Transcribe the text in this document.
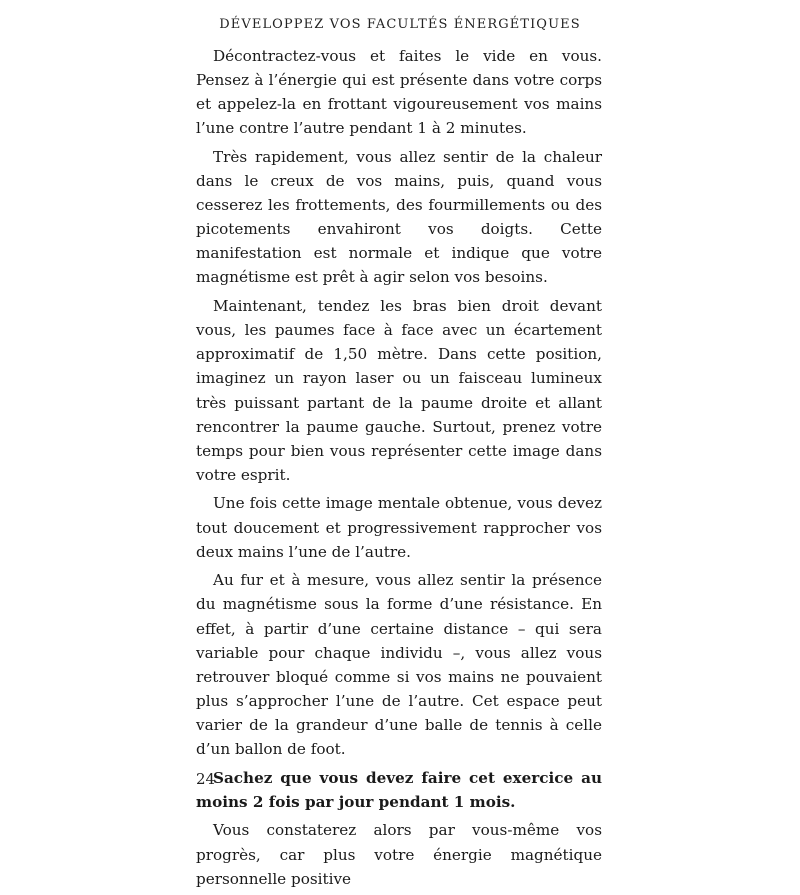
DÉVELOPPEZ VOS FACULTÉS ÉNERGÉTIQUES

Décontractez-vous et faites le vide en vous. Pensez à l’énergie qui est présente dans votre corps et appelez-la en frottant vigoureusement vos mains l’une contre l’autre pendant 1 à 2 minutes.

Très rapidement, vous allez sentir de la chaleur dans le creux de vos mains, puis, quand vous cesserez les frottements, des fourmillements ou des picotements envahiront vos doigts. Cette manifestation est normale et indique que votre magnétisme est prêt à agir selon vos besoins.

Maintenant, tendez les bras bien droit devant vous, les paumes face à face avec un écartement approximatif de 1,50 mètre. Dans cette position, imaginez un rayon laser ou un faisceau lumineux très puissant partant de la paume droite et allant rencontrer la paume gauche. Surtout, prenez votre temps pour bien vous représenter cette image dans votre esprit.

Une fois cette image mentale obtenue, vous devez tout doucement et progressivement rapprocher vos deux mains l’une de l’autre.

Au fur et à mesure, vous allez sentir la présence du magnétisme sous la forme d’une résistance. En effet, à partir d’une certaine distance – qui sera variable pour chaque individu –, vous allez vous retrouver bloqué comme si vos mains ne pouvaient plus s’approcher l’une de l’autre. Cet espace peut varier de la grandeur d’une balle de tennis à celle d’un ballon de foot.

Sachez que vous devez faire cet exercice au moins 2 fois par jour pendant 1 mois.

Vous constaterez alors par vous-même vos progrès, car plus votre énergie magnétique personnelle positive

24
